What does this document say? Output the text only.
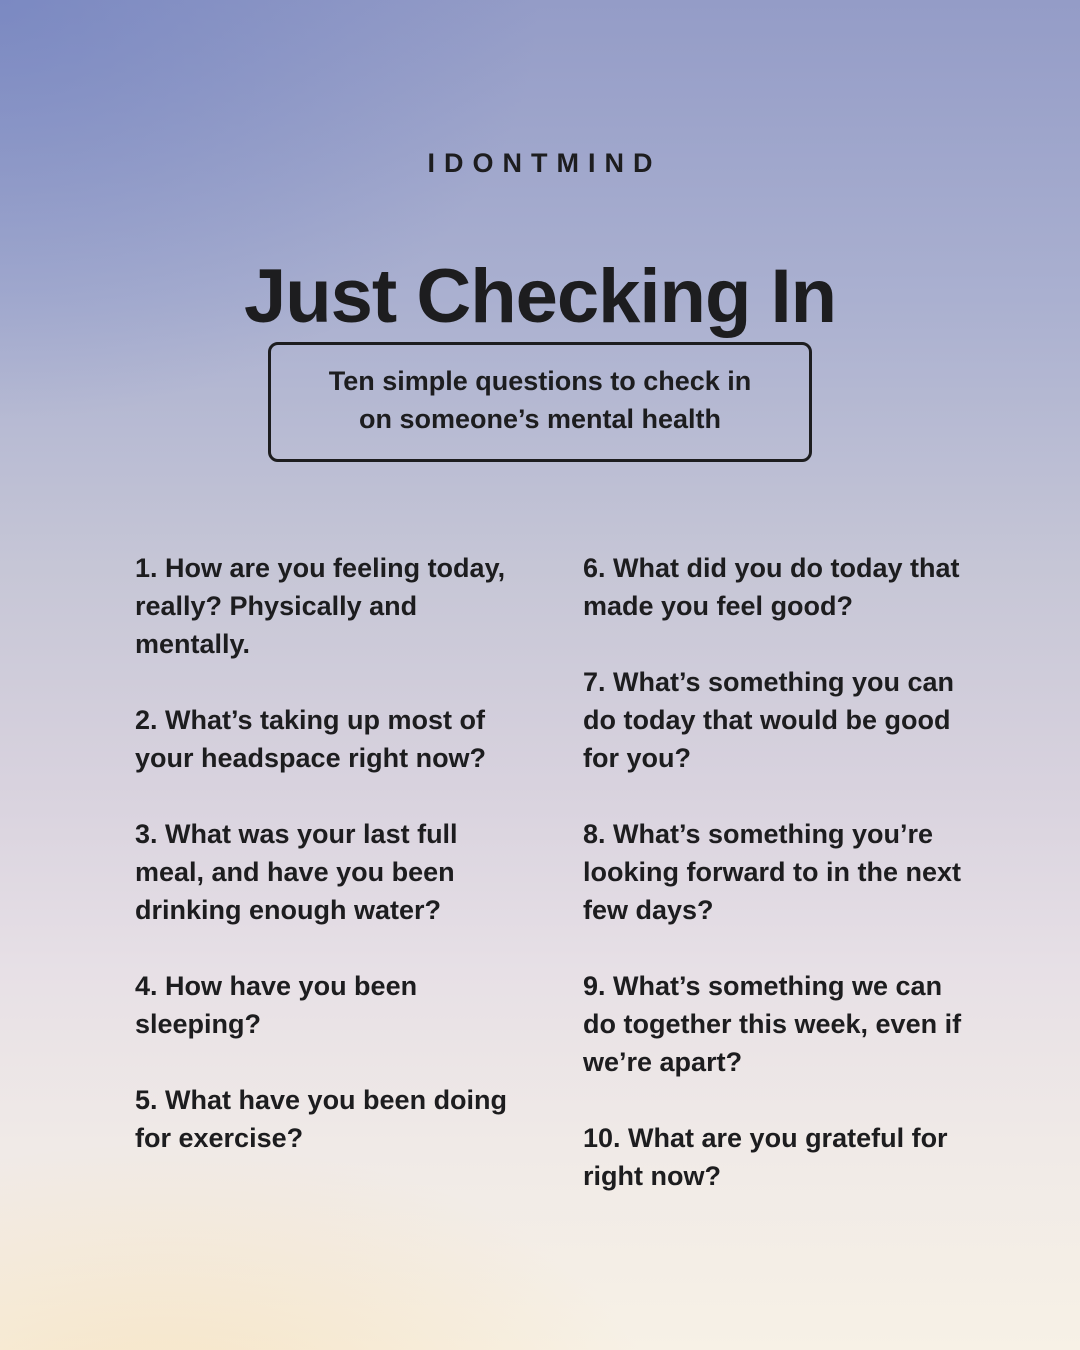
IDONTMIND
Just Checking In
Ten simple questions to check in
on someone’s mental health

1. How are you feeling today, really? Physically and mentally.

2. What’s taking up most of your headspace right now?

3. What was your last full meal, and have you been drinking enough water?

4. How have you been sleeping?

5. What have you been doing for exercise?

6. What did you do today that made you feel good?

7. What’s something you can do today that would be good for you?

8. What’s something you’re looking forward to in the next few days?

9. What’s something we can do together this week, even if we’re apart?

10. What are you grateful for right now?
